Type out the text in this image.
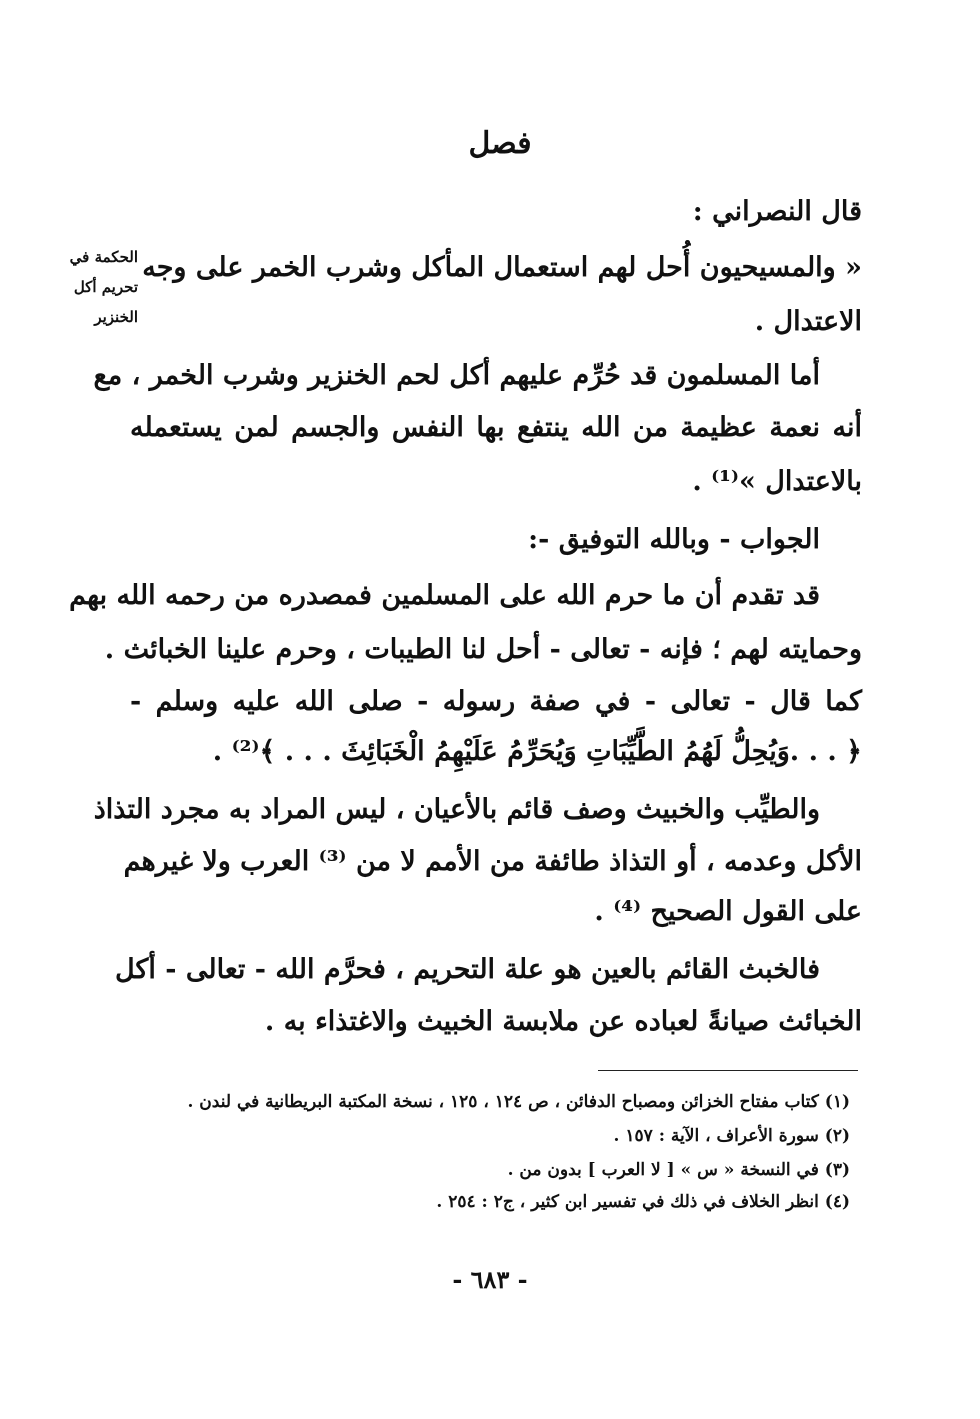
فصل
الحكمة في
تحريم أكل
الخنزير
قال النصراني :
« والمسيحيون أُحل لهم استعمال المأكل وشرب الخمر على وجه
الاعتدال .
أما المسلمون قد حُرِّم عليهم أكل لحم الخنزير وشرب الخمر ، مع
أنه نعمة عظيمة من الله ينتفع بها النفس والجسم لمن يستعمله
بالاعتدال »⁽¹⁾ .
الجواب - وبالله التوفيق -:
قد تقدم أن ما حرم الله على المسلمين فمصدره من رحمه الله بهم
وحمايته لهم ؛ فإنه - تعالى - أحل لنا الطيبات ، وحرم علينا الخبائث .
كما قال - تعالى - في صفة رسوله - صلى الله عليه وسلم -
﴿ . . .وَيُحِلُّ لَهُمُ الطَّيِّبَاتِ وَيُحَرِّمُ عَلَيْهِمُ الْخَبَائِثَ . . . ﴾⁽²⁾ .
والطيِّب والخبيث وصف قائم بالأعيان ، ليس المراد به مجرد التذاذ
الأكل وعدمه ، أو التذاذ طائفة من الأمم لا من ⁽³⁾ العرب ولا غيرهم
على القول الصحيح ⁽⁴⁾ .
فالخبث القائم بالعين هو علة التحريم ، فحرَّم الله - تعالى - أكل
الخبائث صيانةً لعباده عن ملابسة الخبيث والاغتذاء به .
(١) كتاب مفتاح الخزائن ومصباح الدفائن ، ص ١٢٤ ، ١٢٥ ، نسخة المكتبة البريطانية في لندن .
(٢) سورة الأعراف ، الآية : ١٥٧ .
(٣) في النسخة « س » [ لا العرب ] بدون من .
(٤) انظر الخلاف في ذلك في تفسير ابن كثير ، ج٢ : ٢٥٤ .
- ٦٨٣ -
